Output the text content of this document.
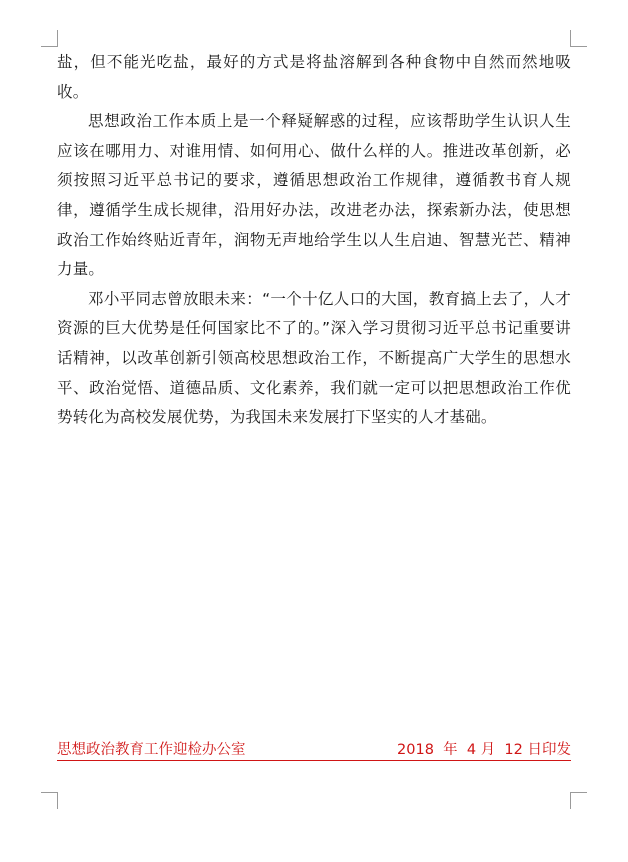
盐，但不能光吃盐，最好的方式是将盐溶解到各种食物中自然而然地吸收。

思想政治工作本质上是一个释疑解惑的过程，应该帮助学生认识人生应该在哪用力、对谁用情、如何用心、做什么样的人。推进改革创新，必须按照习近平总书记的要求，遵循思想政治工作规律，遵循教书育人规律，遵循学生成长规律，沿用好办法，改进老办法，探索新办法，使思想政治工作始终贴近青年，润物无声地给学生以人生启迪、智慧光芒、精神力量。

邓小平同志曾放眼未来：“一个十亿人口的大国，教育搞上去了，人才资源的巨大优势是任何国家比不了的。”深入学习贯彻习近平总书记重要讲话精神，以改革创新引领高校思想政治工作，不断提高广大学生的思想水平、政治觉悟、道德品质、文化素养，我们就一定可以把思想政治工作优势转化为高校发展优势，为我国未来发展打下坚实的人才基础。

思想政治教育工作迎检办公室	2018  年  4 月  12 日印发
